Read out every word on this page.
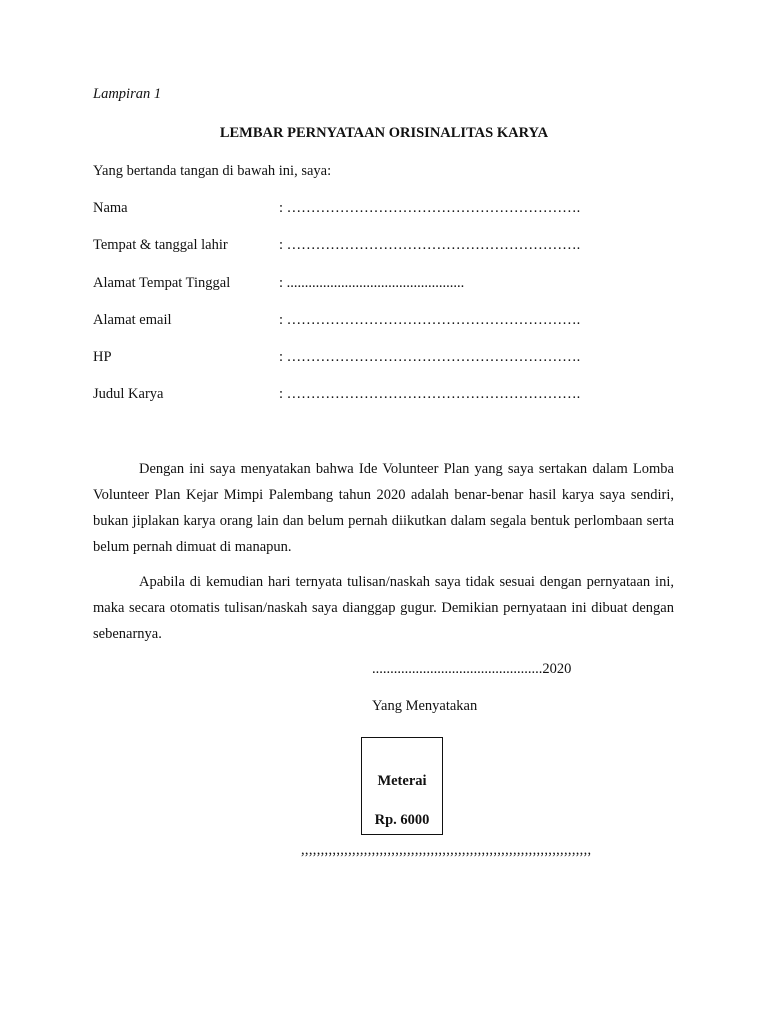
Lampiran 1
LEMBAR PERNYATAAN ORISINALITAS KARYA
Yang bertanda tangan di bawah ini, saya:
Nama	: …………………………………………………….
Tempat & tanggal lahir	: …………………………………………………….
Alamat Tempat Tinggal	: .................................................
Alamat email	: …………………………………………………….
HP	: …………………………………………………….
Judul Karya	: …………………………………………………….

Dengan ini saya menyatakan bahwa Ide Volunteer Plan yang saya sertakan dalam Lomba Volunteer Plan Kejar Mimpi Palembang tahun 2020 adalah benar-benar hasil karya saya sendiri, bukan jiplakan karya orang lain dan belum pernah diikutkan dalam segala bentuk perlombaan serta belum pernah dimuat di manapun.

Apabila di kemudian hari ternyata tulisan/naskah saya tidak sesuai dengan pernyataan ini, maka secara otomatis tulisan/naskah saya dianggap gugur. Demikian pernyataan ini dibuat dengan sebenarnya.

...............................................2020
Yang Menyatakan
Meterai
Rp. 6000
,,,,,,,,,,,,,,,,,,,,,,,,,,,,,,,,,,,,,,,,,,,,,,,,,,,,,,,,,,,,,,,,,,,,,,,,,,
